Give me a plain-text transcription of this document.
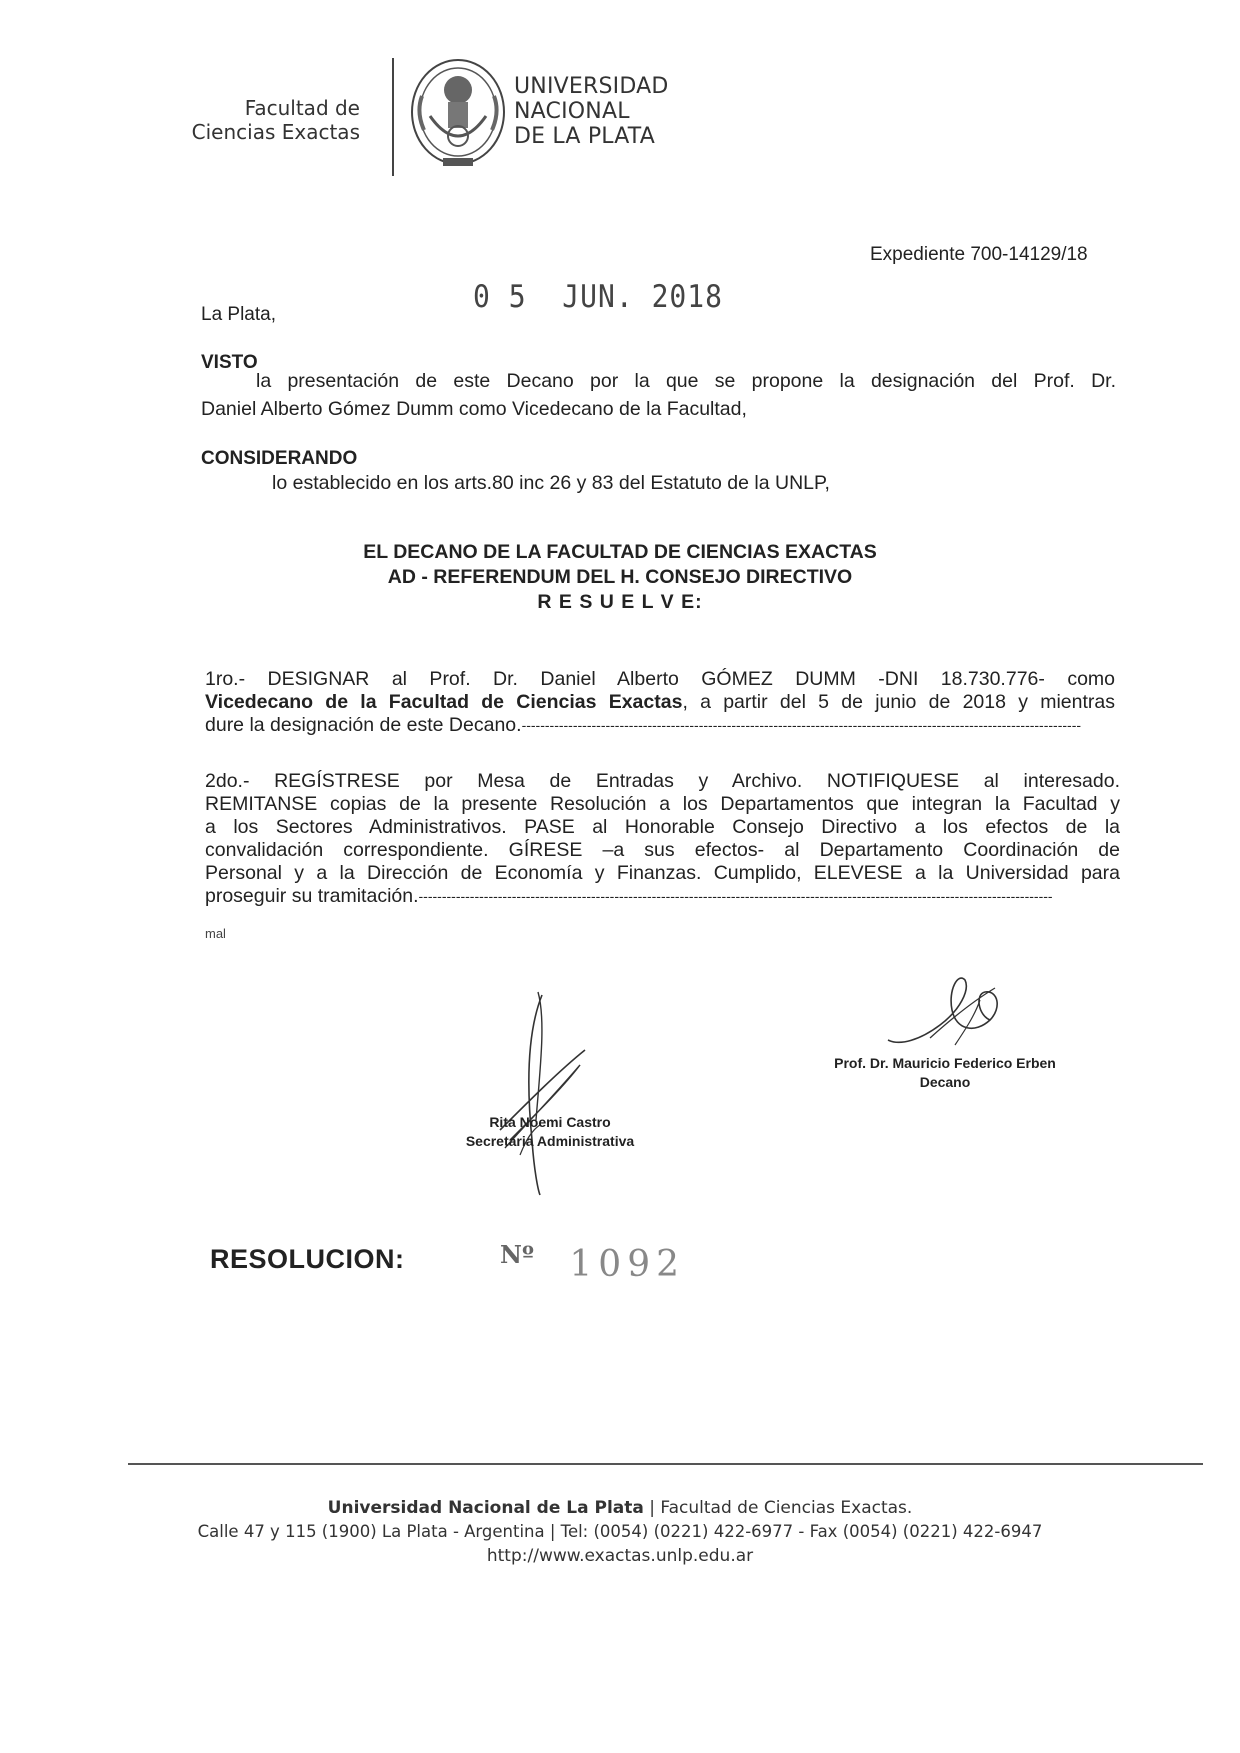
Facultad de
Ciencias Exactas
UNIVERSIDAD
NACIONAL
DE LA PLATA
Expediente 700-14129/18
La Plata,	0 5  JUN. 2018
VISTO
la presentación de este Decano por la que se propone la designación del Prof. Dr.
Daniel Alberto Gómez Dumm como Vicedecano de la Facultad,
CONSIDERANDO
lo establecido en los arts.80 inc 26 y 83 del Estatuto de la UNLP,
EL DECANO DE LA FACULTAD DE CIENCIAS EXACTAS
AD - REFERENDUM DEL H. CONSEJO DIRECTIVO
R E S U E L V E:
1ro.- DESIGNAR al Prof. Dr. Daniel Alberto GÓMEZ DUMM -DNI 18.730.776- como
Vicedecano de la Facultad de Ciencias Exactas, a partir del 5 de junio de 2018 y mientras
dure la designación de este Decano.------------------------------------------------------------------------------------------------------------------------
2do.- REGÍSTRESE por Mesa de Entradas y Archivo. NOTIFIQUESE al interesado.
REMITANSE copias de la presente Resolución a los Departamentos que integran la Facultad y
a los Sectores Administrativos. PASE al Honorable Consejo Directivo a los efectos de la
convalidación correspondiente. GÍRESE –a sus efectos- al Departamento Coordinación de
Personal y a la Dirección de Economía y Finanzas. Cumplido, ELEVESE a la Universidad para
proseguir su tramitación.----------------------------------------------------------------------------------------------------------------------------------------
mal
Rita Noemi Castro
Secretaria Administrativa
Prof. Dr. Mauricio Federico Erben
Decano
RESOLUCION:	$^{Nº}$ 1092
Universidad Nacional de La Plata | Facultad de Ciencias Exactas.
Calle 47 y 115 (1900) La Plata - Argentina | Tel: (0054) (0221) 422-6977 - Fax (0054) (0221) 422-6947
http://www.exactas.unlp.edu.ar
